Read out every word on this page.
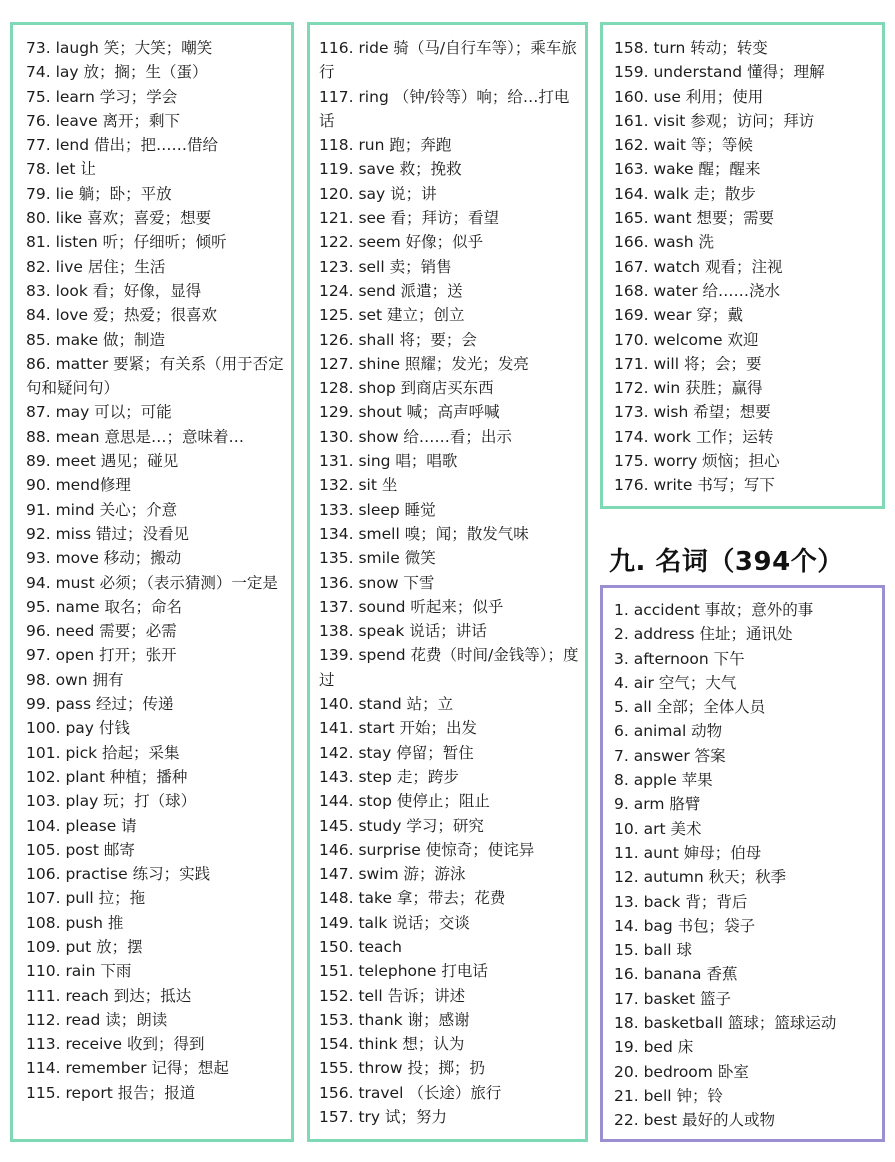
73. laugh 笑；大笑；嘲笑
74. lay 放；搁；生（蛋）
75. learn 学习；学会
76. leave 离开；剩下
77. lend 借出；把……借给
78. let 让
79. lie 躺；卧；平放
80. like 喜欢；喜爱；想要
81. listen 听；仔细听；倾听
82. live 居住；生活
83. look 看；好像，显得
84. love 爱；热爱；很喜欢
85. make 做；制造
86. matter 要紧；有关系（用于否定句和疑问句）
87. may 可以；可能
88. mean 意思是…；意味着…
89. meet 遇见；碰见
90. mend修理
91. mind 关心；介意
92. miss 错过；没看见
93. move 移动；搬动
94. must 必须；（表示猜测）一定是
95. name 取名；命名
96. need 需要；必需
97. open 打开；张开
98. own 拥有
99. pass 经过；传递
100. pay 付钱
101. pick 拾起；采集
102. plant 种植；播种
103. play 玩；打（球）
104. please 请
105. post 邮寄
106. practise 练习；实践
107. pull 拉；拖
108. push 推
109. put 放；摆
110. rain 下雨
111. reach 到达；抵达
112. read 读；朗读
113. receive 收到；得到
114. remember 记得；想起
115. report 报告；报道
116. ride 骑（马/自行车等）；乘车旅行
117. ring （钟/铃等）响；给…打电话
118. run 跑；奔跑
119. save 救；挽救
120. say 说；讲
121. see 看；拜访；看望
122. seem 好像；似乎
123. sell 卖；销售
124. send 派遣；送
125. set 建立；创立
126. shall 将；要；会
127. shine 照耀；发光；发亮
128. shop 到商店买东西
129. shout 喊；高声呼喊
130. show 给……看；出示
131. sing 唱；唱歌
132. sit 坐
133. sleep 睡觉
134. smell 嗅；闻；散发气味
135. smile 微笑
136. snow 下雪
137. sound 听起来；似乎
138. speak 说话；讲话
139. spend 花费（时间/金钱等）；度过
140. stand 站；立
141. start 开始；出发
142. stay 停留；暂住
143. step 走；跨步
144. stop 使停止；阻止
145. study 学习；研究
146. surprise 使惊奇；使诧异
147. swim 游；游泳
148. take 拿；带去；花费
149. talk 说话；交谈
150. teach
151. telephone 打电话
152. tell 告诉；讲述
153. thank 谢；感谢
154. think 想；认为
155. throw 投；掷；扔
156. travel （长途）旅行
157. try 试；努力
158. turn 转动；转变
159. understand 懂得；理解
160. use 利用；使用
161. visit 参观；访问；拜访
162. wait 等；等候
163. wake 醒；醒来
164. walk 走；散步
165. want 想要；需要
166. wash 洗
167. watch 观看；注视
168. water 给……浇水
169. wear 穿；戴
170. welcome 欢迎
171. will 将；会；要
172. win 获胜；赢得
173. wish 希望；想要
174. work 工作；运转
175. worry 烦恼；担心
176. write 书写；写下
九. 名词（394个）
1. accident 事故；意外的事
2. address 住址；通讯处
3. afternoon 下午
4. air 空气；大气
5. all 全部；全体人员
6. animal 动物
7. answer 答案
8. apple 苹果
9. arm 胳臂
10. art 美术
11. aunt 婶母；伯母
12. autumn 秋天；秋季
13. back 背；背后
14. bag 书包；袋子
15. ball 球
16. banana 香蕉
17. basket 篮子
18. basketball 篮球；篮球运动
19. bed 床
20. bedroom 卧室
21. bell 钟；铃
22. best 最好的人或物
